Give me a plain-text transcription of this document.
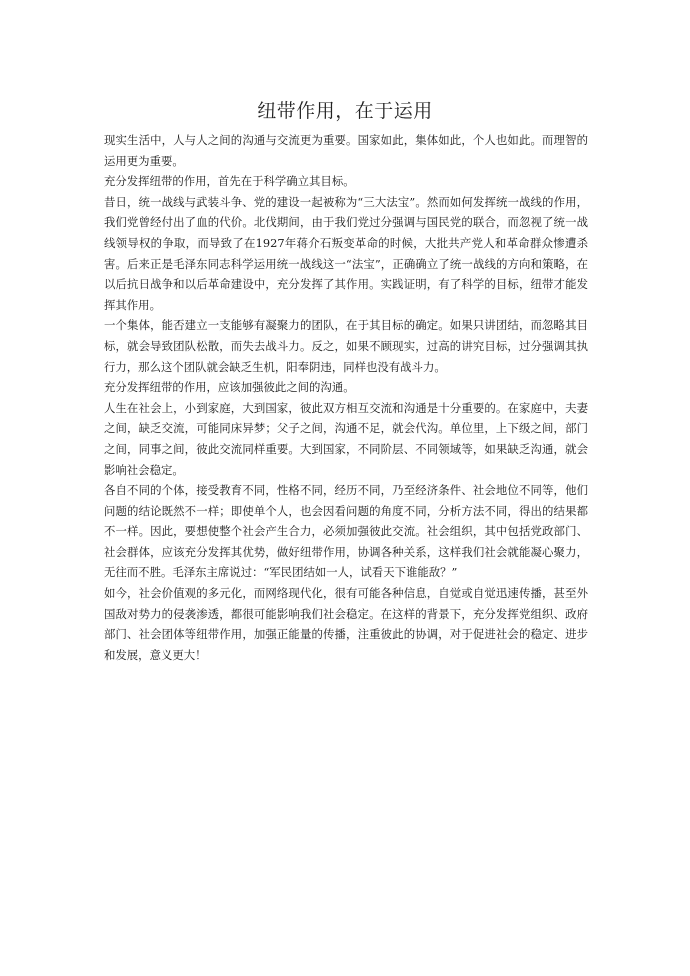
纽带作用，在于运用

现实生活中，人与人之间的沟通与交流更为重要。国家如此，集体如此，个人也如此。而理智的运用更为重要。

充分发挥纽带的作用，首先在于科学确立其目标。

昔日，统一战线与武装斗争、党的建设一起被称为“三大法宝”。然而如何发挥统一战线的作用，我们党曾经付出了血的代价。北伐期间，由于我们党过分强调与国民党的联合，而忽视了统一战线领导权的争取，而导致了在1927年蒋介石叛变革命的时候，大批共产党人和革命群众惨遭杀害。后来正是毛泽东同志科学运用统一战线这一“法宝”，正确确立了统一战线的方向和策略，在以后抗日战争和以后革命建设中，充分发挥了其作用。实践证明，有了科学的目标，纽带才能发挥其作用。

一个集体，能否建立一支能够有凝聚力的团队，在于其目标的确定。如果只讲团结，而忽略其目标，就会导致团队松散，而失去战斗力。反之，如果不顾现实，过高的讲究目标，过分强调其执行力，那么这个团队就会缺乏生机，阳奉阴违，同样也没有战斗力。

充分发挥纽带的作用，应该加强彼此之间的沟通。

人生在社会上，小到家庭，大到国家，彼此双方相互交流和沟通是十分重要的。在家庭中，夫妻之间，缺乏交流，可能同床异梦；父子之间，沟通不足，就会代沟。单位里，上下级之间，部门之间，同事之间，彼此交流同样重要。大到国家，不同阶层、不同领域等，如果缺乏沟通，就会影响社会稳定。

各自不同的个体，接受教育不同，性格不同，经历不同，乃至经济条件、社会地位不同等，他们问题的结论既然不一样；即使单个人，也会因看问题的角度不同，分析方法不同，得出的结果都不一样。因此，要想使整个社会产生合力，必须加强彼此交流。社会组织，其中包括党政部门、社会群体，应该充分发挥其优势，做好纽带作用，协调各种关系，这样我们社会就能凝心聚力，无往而不胜。毛泽东主席说过：“军民团结如一人，试看天下谁能敌？”

如今，社会价值观的多元化，而网络现代化，很有可能各种信息，自觉或自觉迅速传播，甚至外国敌对势力的侵袭渗透，都很可能影响我们社会稳定。在这样的背景下，充分发挥党组织、政府部门、社会团体等纽带作用，加强正能量的传播，注重彼此的协调，对于促进社会的稳定、进步和发展，意义更大！
